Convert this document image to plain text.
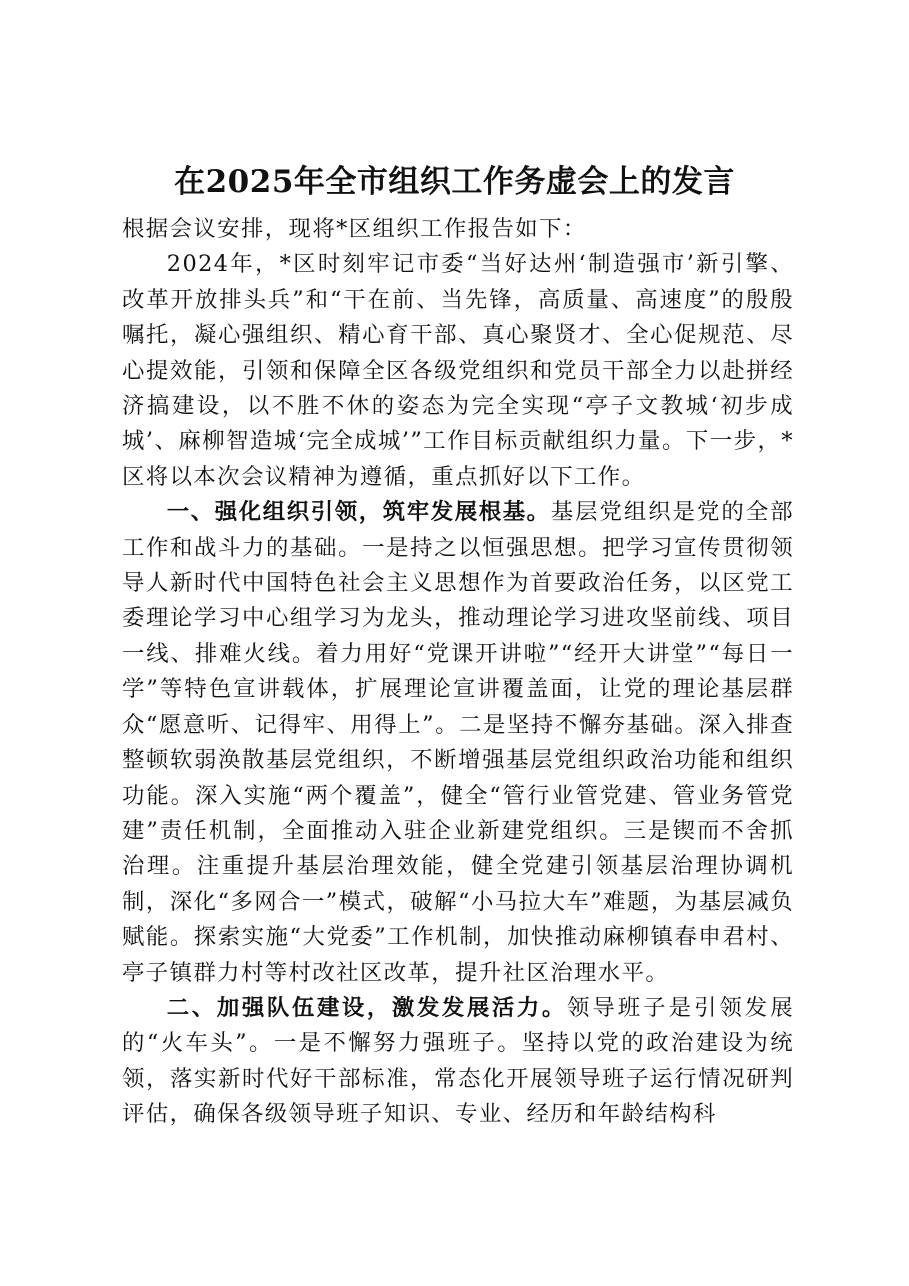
在2025年全市组织工作务虚会上的发言

根据会议安排，现将*区组织工作报告如下：

2024年，*区时刻牢记市委“当好达州‘制造强市’新引擎、改革开放排头兵”和“干在前、当先锋，高质量、高速度”的殷殷嘱托，凝心强组织、精心育干部、真心聚贤才、全心促规范、尽心提效能，引领和保障全区各级党组织和党员干部全力以赴拼经济搞建设，以不胜不休的姿态为完全实现“亭子文教城‘初步成城’、麻柳智造城‘完全成城’”工作目标贡献组织力量。下一步，*区将以本次会议精神为遵循，重点抓好以下工作。

一、强化组织引领，筑牢发展根基。基层党组织是党的全部工作和战斗力的基础。一是持之以恒强思想。把学习宣传贯彻领导人新时代中国特色社会主义思想作为首要政治任务，以区党工委理论学习中心组学习为龙头，推动理论学习进攻坚前线、项目一线、排难火线。着力用好“党课开讲啦”“经开大讲堂”“每日一学”等特色宣讲载体，扩展理论宣讲覆盖面，让党的理论基层群众“愿意听、记得牢、用得上”。二是坚持不懈夯基础。深入排查整顿软弱涣散基层党组织，不断增强基层党组织政治功能和组织功能。深入实施“两个覆盖”，健全“管行业管党建、管业务管党建”责任机制，全面推动入驻企业新建党组织。三是锲而不舍抓治理。注重提升基层治理效能，健全党建引领基层治理协调机制，深化“多网合一”模式，破解“小马拉大车”难题，为基层减负赋能。探索实施“大党委”工作机制，加快推动麻柳镇春申君村、亭子镇群力村等村改社区改革，提升社区治理水平。

二、加强队伍建设，激发发展活力。领导班子是引领发展的“火车头”。一是不懈努力强班子。坚持以党的政治建设为统领，落实新时代好干部标准，常态化开展领导班子运行情况研判评估，确保各级领导班子知识、专业、经历和年龄结构科
